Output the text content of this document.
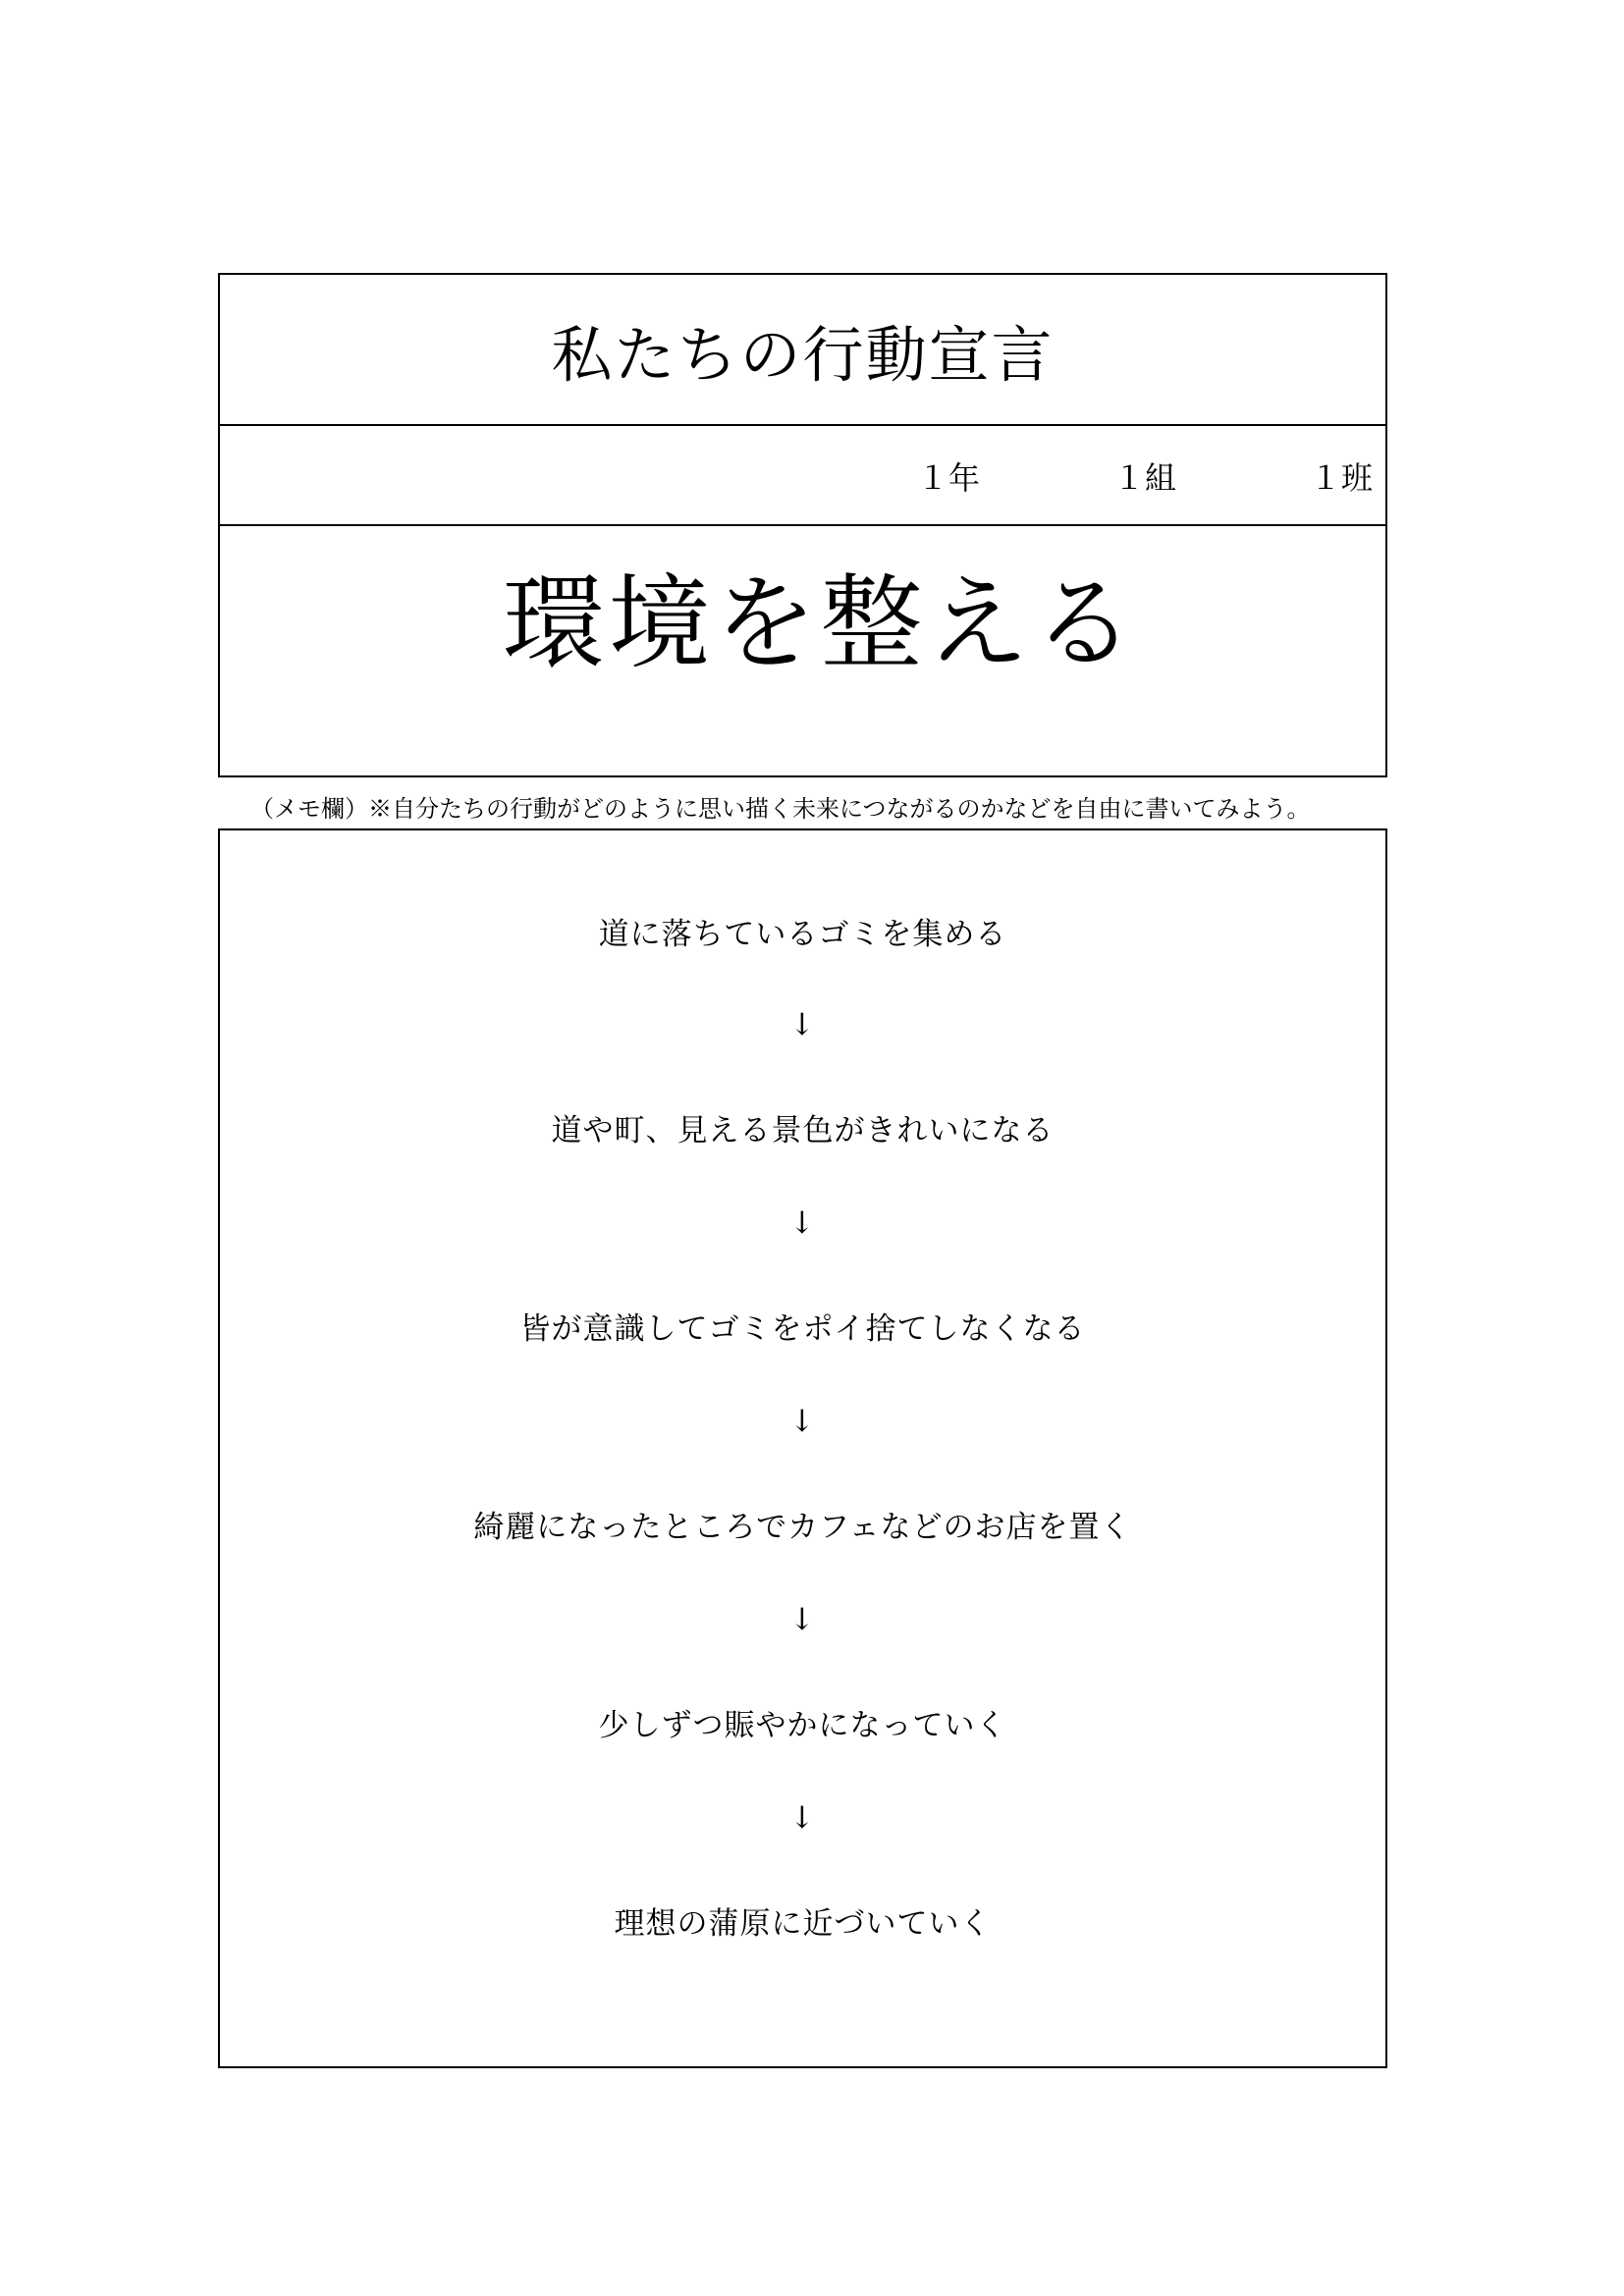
私たちの行動宣言
１年	１組	１班
環境を整える
（メモ欄）※自分たちの行動がどのように思い描く未来につながるのかなどを自由に書いてみよう。
道に落ちているゴミを集める
↓
道や町、見える景色がきれいになる
↓
皆が意識してゴミをポイ捨てしなくなる
↓
綺麗になったところでカフェなどのお店を置く
↓
少しずつ賑やかになっていく
↓
理想の蒲原に近づいていく
